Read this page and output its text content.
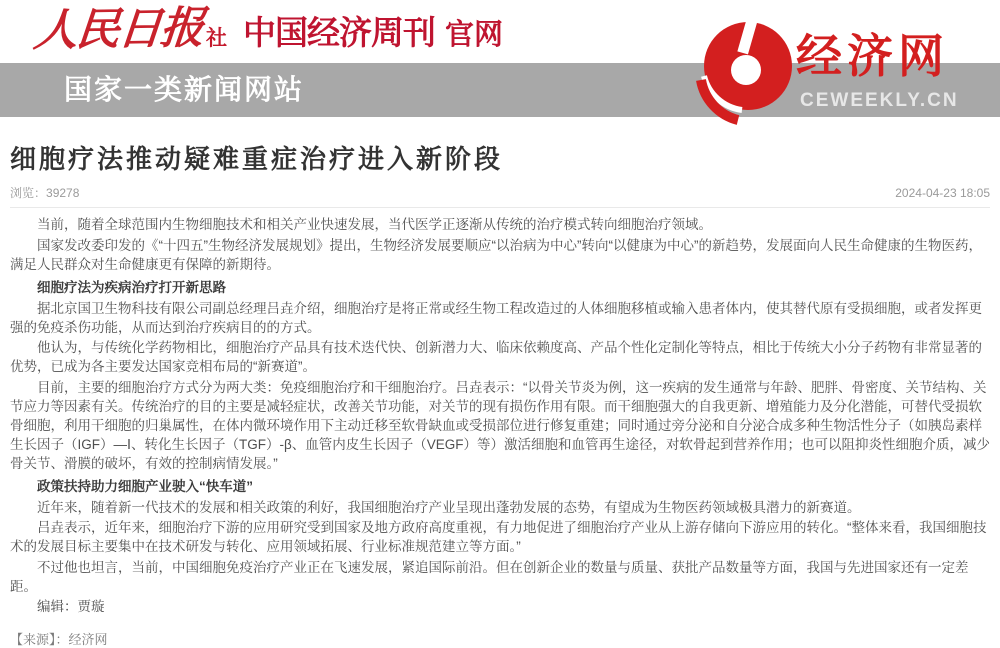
人民日报 社 中国经济周刊 官网
国家一类新闻网站
经济网
CEWEEKLY.CN
细胞疗法推动疑难重症治疗进入新阶段
浏览：39278	2024-04-23 18:05
当前，随着全球范围内生物细胞技术和相关产业快速发展，当代医学正逐渐从传统的治疗模式转向细胞治疗领域。
国家发改委印发的《“十四五”生物经济发展规划》提出，生物经济发展要顺应“以治病为中心”转向“以健康为中心”的新趋势，发展面向人民生命健康的生物医药，满足人民群众对生命健康更有保障的新期待。
细胞疗法为疾病治疗打开新思路
据北京国卫生物科技有限公司副总经理吕垚介绍，细胞治疗是将正常或经生物工程改造过的人体细胞移植或输入患者体内，使其替代原有受损细胞，或者发挥更强的免疫杀伤功能，从而达到治疗疾病目的的方式。
他认为，与传统化学药物相比，细胞治疗产品具有技术迭代快、创新潜力大、临床依赖度高、产品个性化定制化等特点，相比于传统大小分子药物有非常显著的优势，已成为各主要发达国家竞相布局的“新赛道”。
目前，主要的细胞治疗方式分为两大类：免疫细胞治疗和干细胞治疗。吕垚表示：“以骨关节炎为例，这一疾病的发生通常与年龄、肥胖、骨密度、关节结构、关节应力等因素有关。传统治疗的目的主要是减轻症状，改善关节功能，对关节的现有损伤作用有限。而干细胞强大的自我更新、增殖能力及分化潜能，可替代受损软骨细胞，利用干细胞的归巢属性，在体内微环境作用下主动迁移至软骨缺血或受损部位进行修复重建；同时通过旁分泌和自分泌合成多种生物活性分子（如胰岛素样生长因子（IGF）—Ⅰ、转化生长因子（TGF）-β、血管内皮生长因子（VEGF）等）激活细胞和血管再生途径，对软骨起到营养作用；也可以阻抑炎性细胞介质，减少骨关节、滑膜的破坏，有效的控制病情发展。”
政策扶持助力细胞产业驶入“快车道”
近年来，随着新一代技术的发展和相关政策的利好，我国细胞治疗产业呈现出蓬勃发展的态势，有望成为生物医药领域极具潜力的新赛道。
吕垚表示，近年来，细胞治疗下游的应用研究受到国家及地方政府高度重视，有力地促进了细胞治疗产业从上游存储向下游应用的转化。“整体来看，我国细胞技术的发展目标主要集中在技术研发与转化、应用领域拓展、行业标准规范建立等方面。”
不过他也坦言，当前，中国细胞免疫治疗产业正在飞速发展，紧追国际前沿。但在创新企业的数量与质量、获批产品数量等方面，我国与先进国家还有一定差距。
编辑：贾璇
【来源】：经济网
